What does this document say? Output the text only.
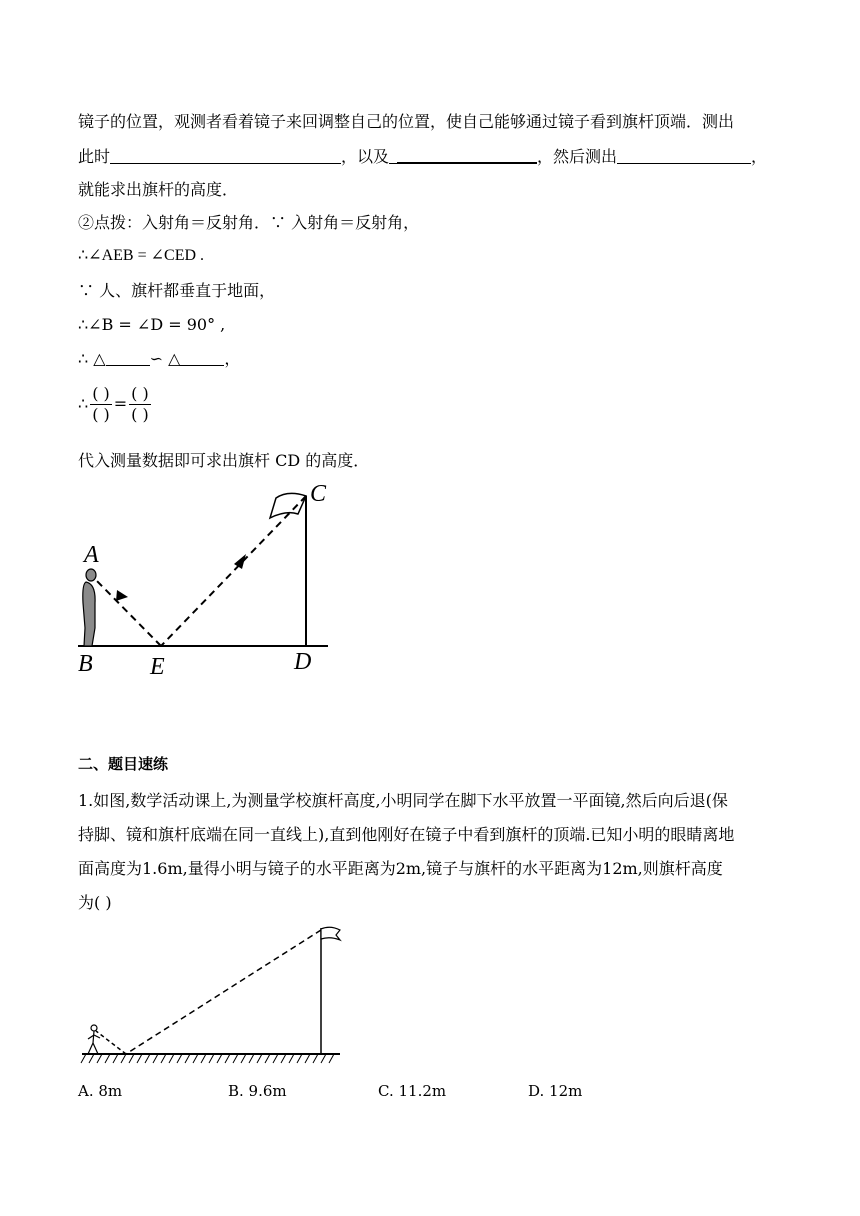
镜子的位置，观测者看着镜子来回调整自己的位置，使自己能够通过镜子看到旗杆顶端．测出
此时	，以及	，然后测出	，
就能求出旗杆的高度．
②点拨：入射角＝反射角．∵ 入射角＝反射角，
∴∠AEB = ∠CED .
∵ 人、旗杆都垂直于地面，
∴∠B = ∠D = 90° ,
∴ △	∽ △	，
∴ $\frac{( )}{( )} = \frac{( )}{( )}$
代入测量数据即可求出旗杆 CD 的高度．
A
B E	D
C
二、题目速练
1.如图,数学活动课上,为测量学校旗杆高度,小明同学在脚下水平放置一平面镜,然后向后退(保
持脚、镜和旗杆底端在同一直线上),直到他刚好在镜子中看到旗杆的顶端.已知小明的眼睛离地
面高度为1.6m,量得小明与镜子的水平距离为2m,镜子与旗杆的水平距离为12m,则旗杆高度
为( )
A. 8m	B. 9.6m	C. 11.2m	D. 12m
